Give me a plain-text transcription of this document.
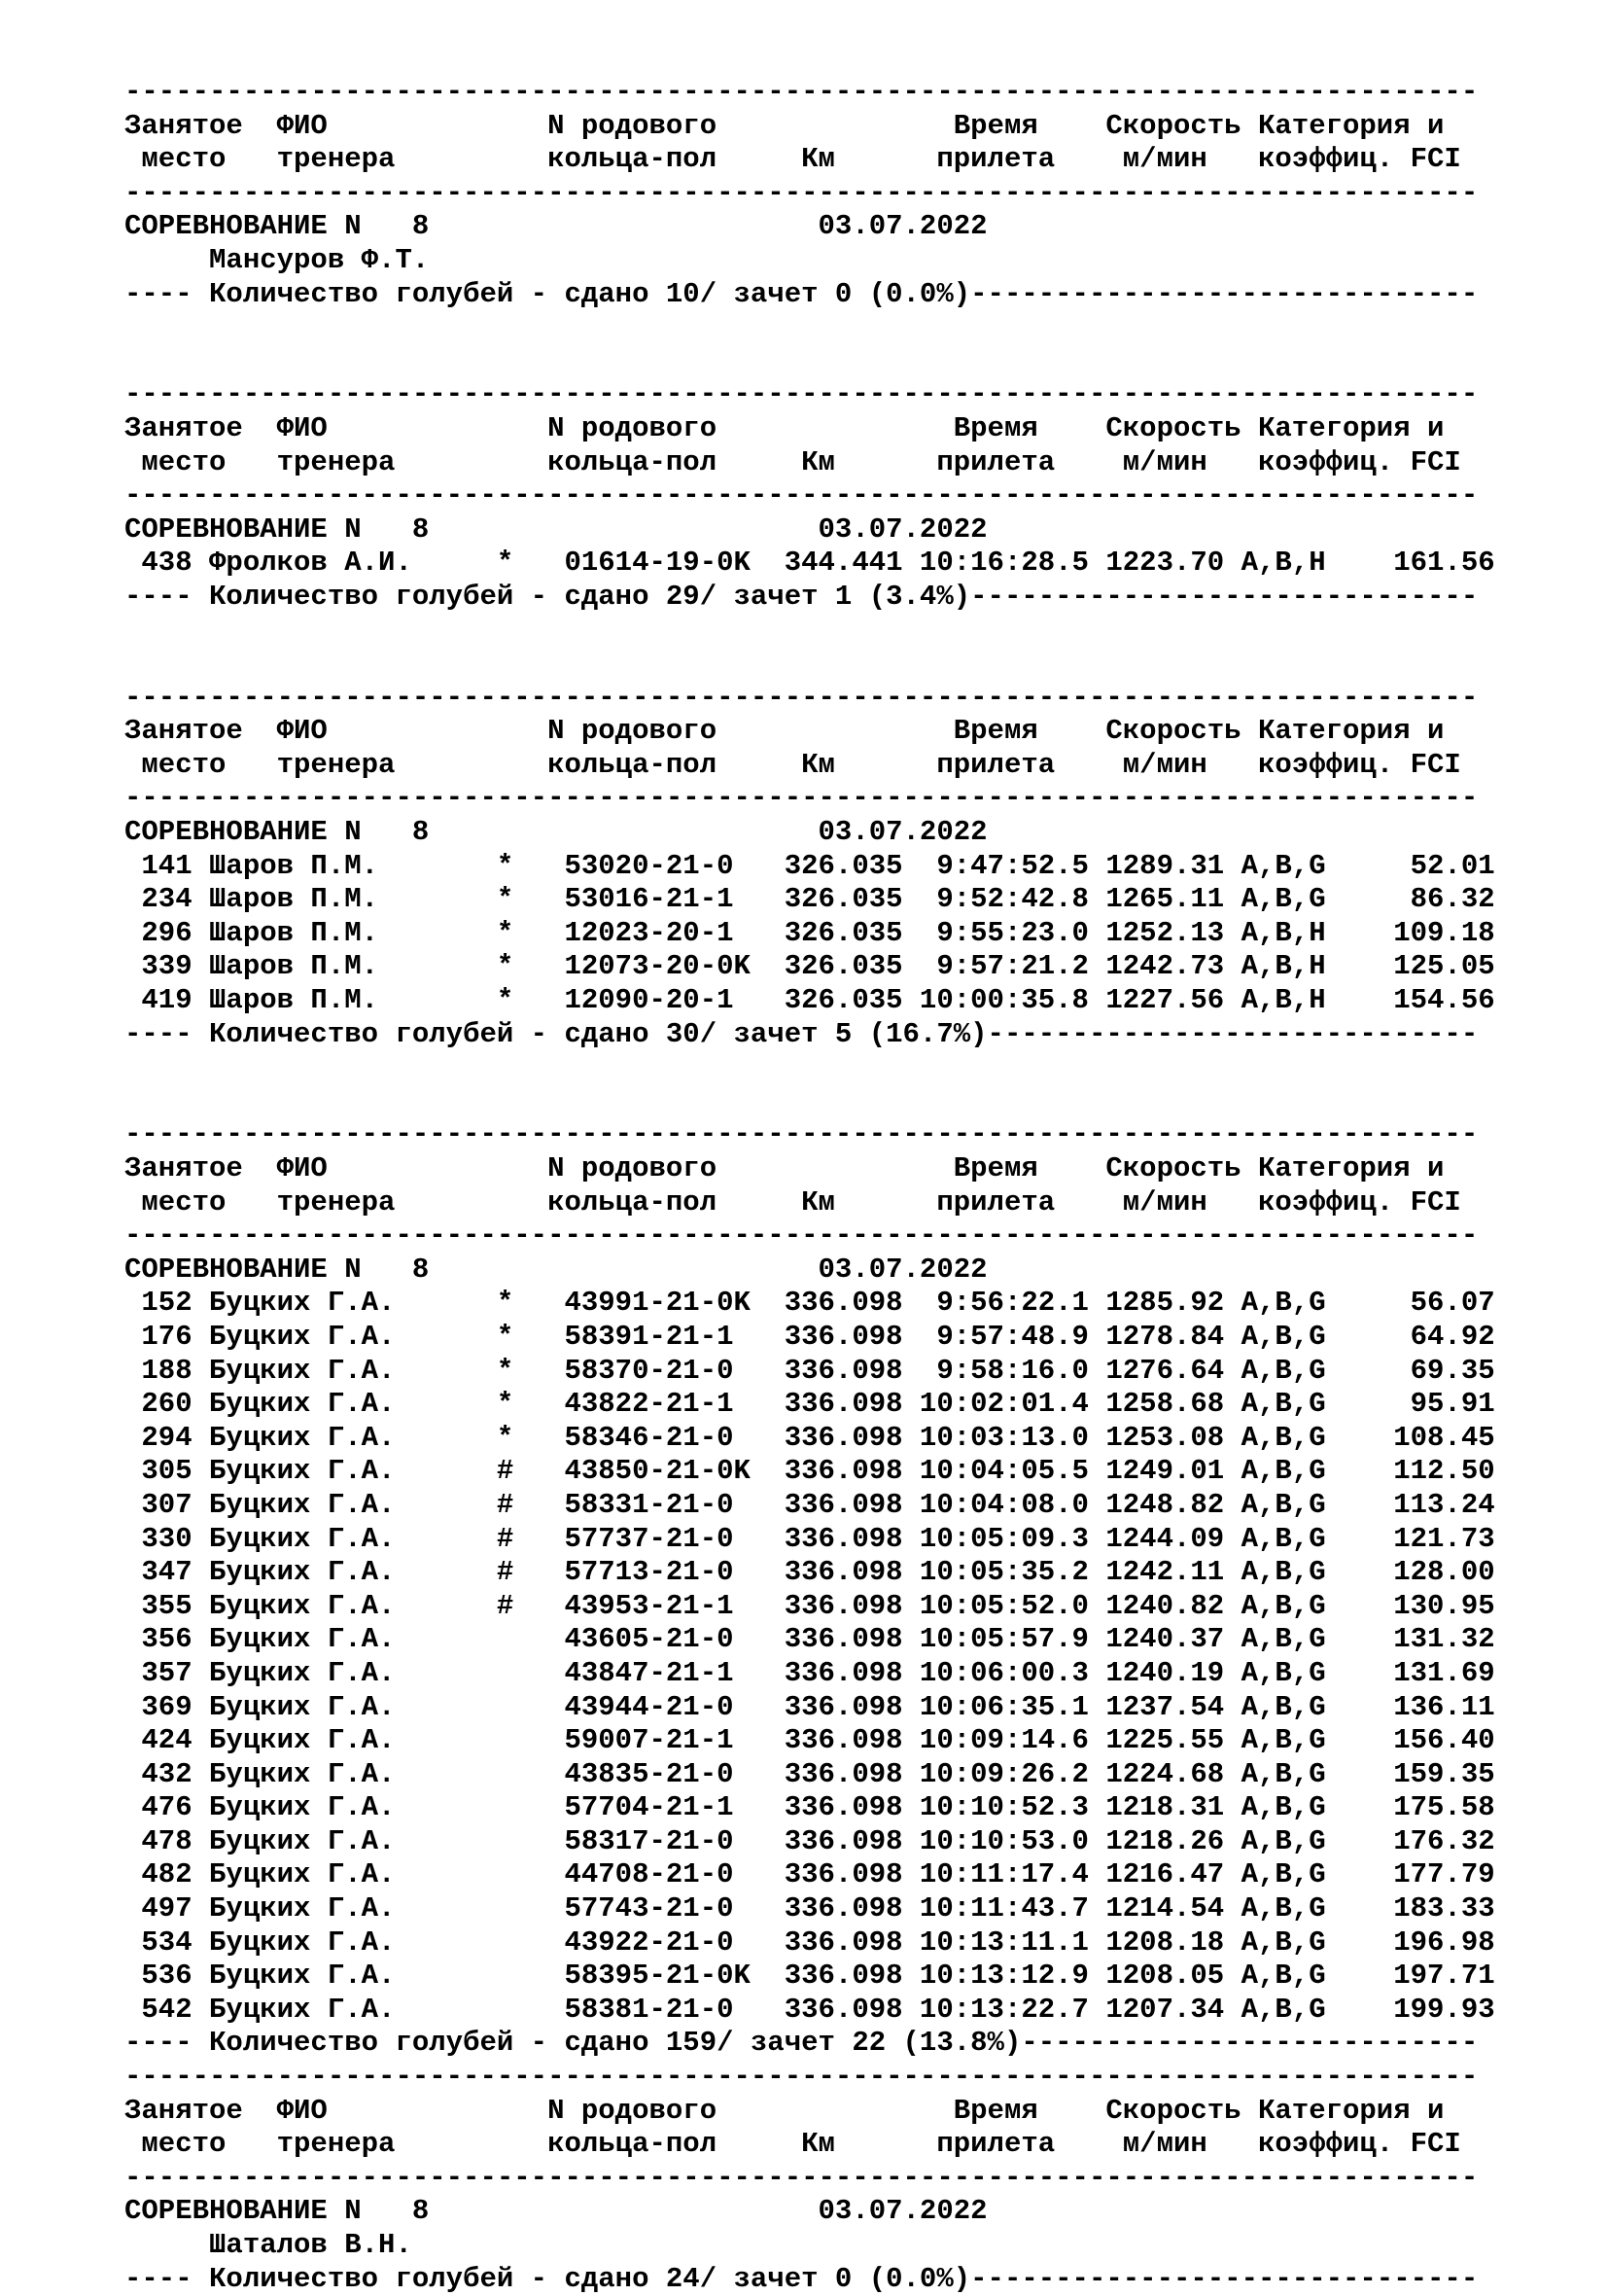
--------------------------------------------------------------------------------
Занятое  ФИО             N родового              Время    Скорость Категория и
место   тренера         кольца-пол     Км      прилета    м/мин   коэффиц. FCI
--------------------------------------------------------------------------------
СОРЕВНОВАНИЕ N   8                       03.07.2022
Мансуров Ф.Т.
---- Количество голубей - сдано 10/ зачет 0 (0.0%)------------------------------
--------------------------------------------------------------------------------
Занятое  ФИО             N родового              Время    Скорость Категория и
место   тренера         кольца-пол     Км      прилета    м/мин   коэффиц. FCI
--------------------------------------------------------------------------------
СОРЕВНОВАНИЕ N   8                       03.07.2022
438 Фролков А.И.     *   01614-19-0K  344.441 10:16:28.5 1223.70 A,B,H    161.56
---- Количество голубей - сдано 29/ зачет 1 (3.4%)------------------------------
--------------------------------------------------------------------------------
Занятое  ФИО             N родового              Время    Скорость Категория и
место   тренера         кольца-пол     Км      прилета    м/мин   коэффиц. FCI
--------------------------------------------------------------------------------
СОРЕВНОВАНИЕ N   8                       03.07.2022
141 Шаров П.М.       *   53020-21-0   326.035  9:47:52.5 1289.31 A,B,G     52.01
234 Шаров П.М.       *   53016-21-1   326.035  9:52:42.8 1265.11 A,B,G     86.32
296 Шаров П.М.       *   12023-20-1   326.035  9:55:23.0 1252.13 A,B,H    109.18
339 Шаров П.М.       *   12073-20-0K  326.035  9:57:21.2 1242.73 A,B,H    125.05
419 Шаров П.М.       *   12090-20-1   326.035 10:00:35.8 1227.56 A,B,H    154.56
---- Количество голубей - сдано 30/ зачет 5 (16.7%)-----------------------------
--------------------------------------------------------------------------------
Занятое  ФИО             N родового              Время    Скорость Категория и
место   тренера         кольца-пол     Км      прилета    м/мин   коэффиц. FCI
--------------------------------------------------------------------------------
СОРЕВНОВАНИЕ N   8                       03.07.2022
152 Буцких Г.А.      *   43991-21-0K  336.098  9:56:22.1 1285.92 A,B,G     56.07
176 Буцких Г.А.      *   58391-21-1   336.098  9:57:48.9 1278.84 A,B,G     64.92
188 Буцких Г.А.      *   58370-21-0   336.098  9:58:16.0 1276.64 A,B,G     69.35
260 Буцких Г.А.      *   43822-21-1   336.098 10:02:01.4 1258.68 A,B,G     95.91
294 Буцких Г.А.      *   58346-21-0   336.098 10:03:13.0 1253.08 A,B,G    108.45
305 Буцких Г.А.      #   43850-21-0K  336.098 10:04:05.5 1249.01 A,B,G    112.50
307 Буцких Г.А.      #   58331-21-0   336.098 10:04:08.0 1248.82 A,B,G    113.24
330 Буцких Г.А.      #   57737-21-0   336.098 10:05:09.3 1244.09 A,B,G    121.73
347 Буцких Г.А.      #   57713-21-0   336.098 10:05:35.2 1242.11 A,B,G    128.00
355 Буцких Г.А.      #   43953-21-1   336.098 10:05:52.0 1240.82 A,B,G    130.95
356 Буцких Г.А.          43605-21-0   336.098 10:05:57.9 1240.37 A,B,G    131.32
357 Буцких Г.А.          43847-21-1   336.098 10:06:00.3 1240.19 A,B,G    131.69
369 Буцких Г.А.          43944-21-0   336.098 10:06:35.1 1237.54 A,B,G    136.11
424 Буцких Г.А.          59007-21-1   336.098 10:09:14.6 1225.55 A,B,G    156.40
432 Буцких Г.А.          43835-21-0   336.098 10:09:26.2 1224.68 A,B,G    159.35
476 Буцких Г.А.          57704-21-1   336.098 10:10:52.3 1218.31 A,B,G    175.58
478 Буцких Г.А.          58317-21-0   336.098 10:10:53.0 1218.26 A,B,G    176.32
482 Буцких Г.А.          44708-21-0   336.098 10:11:17.4 1216.47 A,B,G    177.79
497 Буцких Г.А.          57743-21-0   336.098 10:11:43.7 1214.54 A,B,G    183.33
534 Буцких Г.А.          43922-21-0   336.098 10:13:11.1 1208.18 A,B,G    196.98
536 Буцких Г.А.          58395-21-0K  336.098 10:13:12.9 1208.05 A,B,G    197.71
542 Буцких Г.А.          58381-21-0   336.098 10:13:22.7 1207.34 A,B,G    199.93
---- Количество голубей - сдано 159/ зачет 22 (13.8%)---------------------------
--------------------------------------------------------------------------------
Занятое  ФИО             N родового              Время    Скорость Категория и
место   тренера         кольца-пол     Км      прилета    м/мин   коэффиц. FCI
--------------------------------------------------------------------------------
СОРЕВНОВАНИЕ N   8                       03.07.2022
Шаталов В.Н.
---- Количество голубей - сдано 24/ зачет 0 (0.0%)------------------------------
